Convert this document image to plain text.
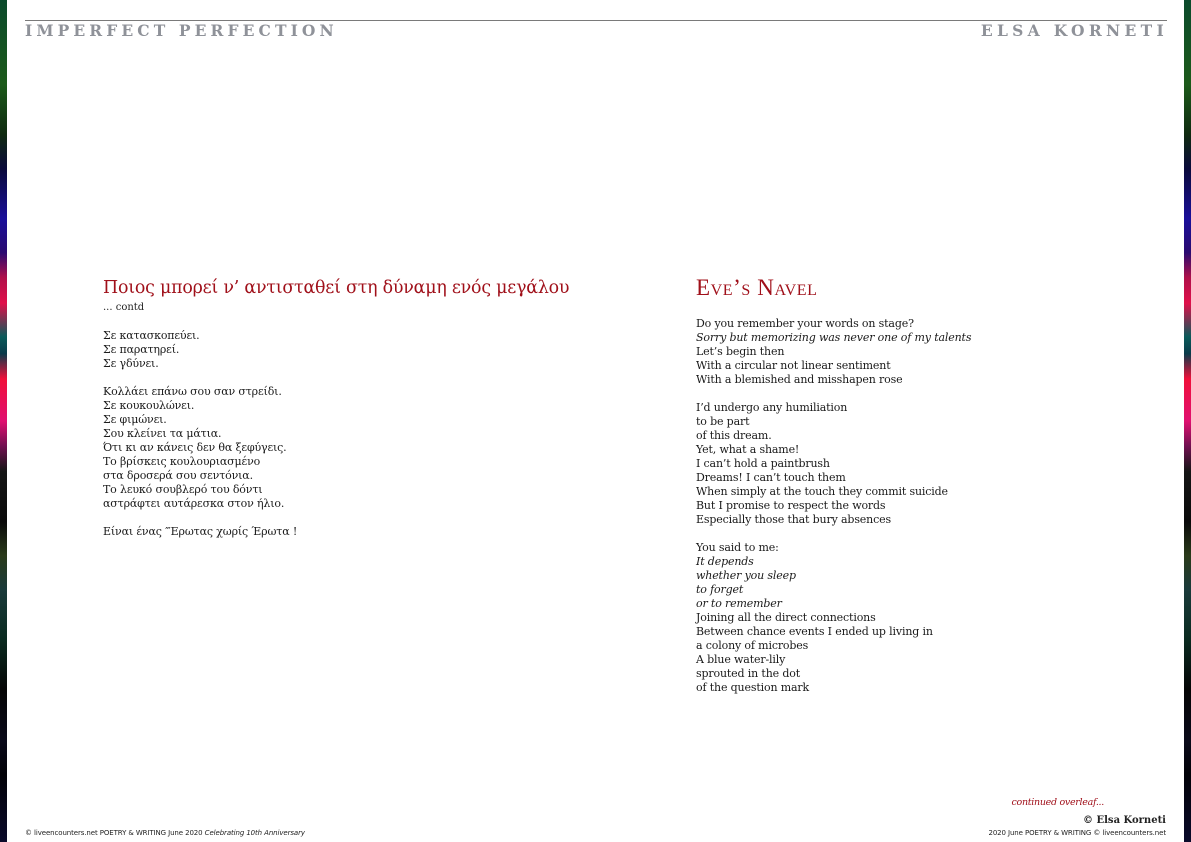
IMPERFECT PERFECTION	ELSA KORNETI
Ποιος μπορεί ν’ αντισταθεί στη δύναμη ενός μεγάλου
... contd
Σε κατασκοπεύει.
Σε παρατηρεί.
Σε γδύνει.
Κολλάει επάνω σου σαν στρείδι.
Σε κουκουλώνει.
Σε φιμώνει.
Σου κλείνει τα μάτια.
Ότι κι αν κάνεις δεν θα ξεφύγεις.
Το βρίσκεις κουλουριασμένο
στα δροσερά σου σεντόνια.
Το λευκό σουβλερό του δόντι
αστράφτει αυτάρεσκα στον ήλιο.
Είναι ένας ‴Ερωτας χωρίς Έρωτα !
Eve’s Navel
Do you remember your words on stage?
Sorry but memorizing was never one of my talents
Let’s begin then
With a circular not linear sentiment
With a blemished and misshapen rose
I’d undergo any humiliation
to be part
of this dream.
Yet, what a shame!
I can’t hold a paintbrush
Dreams! I can’t touch them
When simply at the touch they commit suicide
But I promise to respect the words
Especially those that bury absences
You said to me:
It depends
whether you sleep
to forget
or to remember
Joining all the direct connections
Between chance events I ended up living in
a colony of microbes
A blue water-lily
sprouted in the dot
of the question mark
continued overleaf...
© Elsa Korneti
2020 June POETRY & WRITING © liveencounters.net
© liveencounters.net POETRY & WRITING June 2020 Celebrating 10th Anniversary
